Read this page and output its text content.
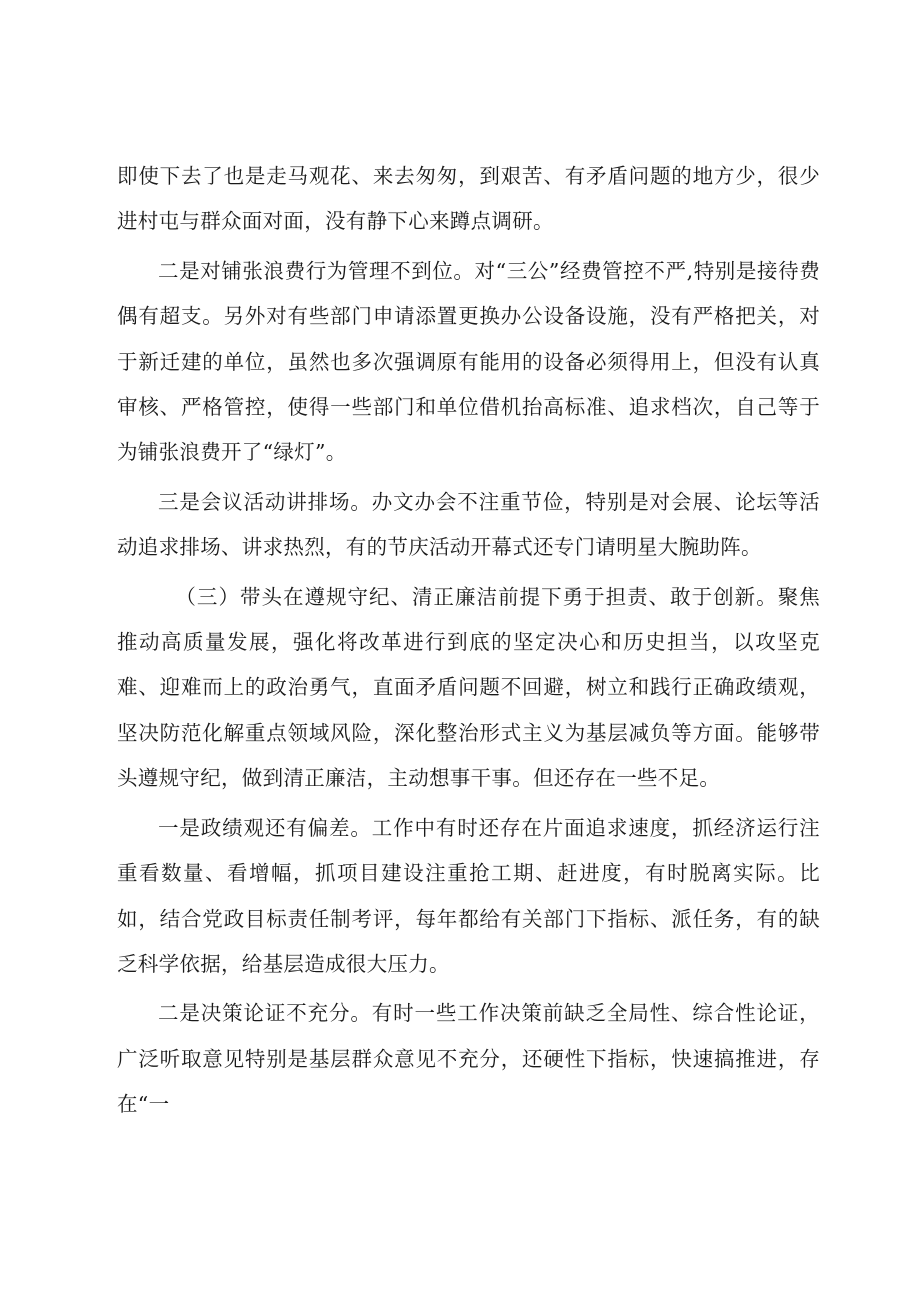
即使下去了也是走马观花、来去匆匆，到艰苦、有矛盾问题的地方少，很少进村屯与群众面对面，没有静下心来蹲点调研。

二是对铺张浪费行为管理不到位。对“三公”经费管控不严,特别是接待费偶有超支。另外对有些部门申请添置更换办公设备设施，没有严格把关，对于新迁建的单位，虽然也多次强调原有能用的设备必须得用上，但没有认真审核、严格管控，使得一些部门和单位借机抬高标准、追求档次，自己等于为铺张浪费开了“绿灯”。

三是会议活动讲排场。办文办会不注重节俭，特别是对会展、论坛等活动追求排场、讲求热烈，有的节庆活动开幕式还专门请明星大腕助阵。

（三）带头在遵规守纪、清正廉洁前提下勇于担责、敢于创新。聚焦推动高质量发展，强化将改革进行到底的坚定决心和历史担当，以攻坚克难、迎难而上的政治勇气，直面矛盾问题不回避，树立和践行正确政绩观，坚决防范化解重点领域风险，深化整治形式主义为基层减负等方面。能够带头遵规守纪，做到清正廉洁，主动想事干事。但还存在一些不足。

一是政绩观还有偏差。工作中有时还存在片面追求速度，抓经济运行注重看数量、看增幅，抓项目建设注重抢工期、赶进度，有时脱离实际。比如，结合党政目标责任制考评，每年都给有关部门下指标、派任务，有的缺乏科学依据，给基层造成很大压力。

二是决策论证不充分。有时一些工作决策前缺乏全局性、综合性论证，广泛听取意见特别是基层群众意见不充分，还硬性下指标，快速搞推进，存在“一
